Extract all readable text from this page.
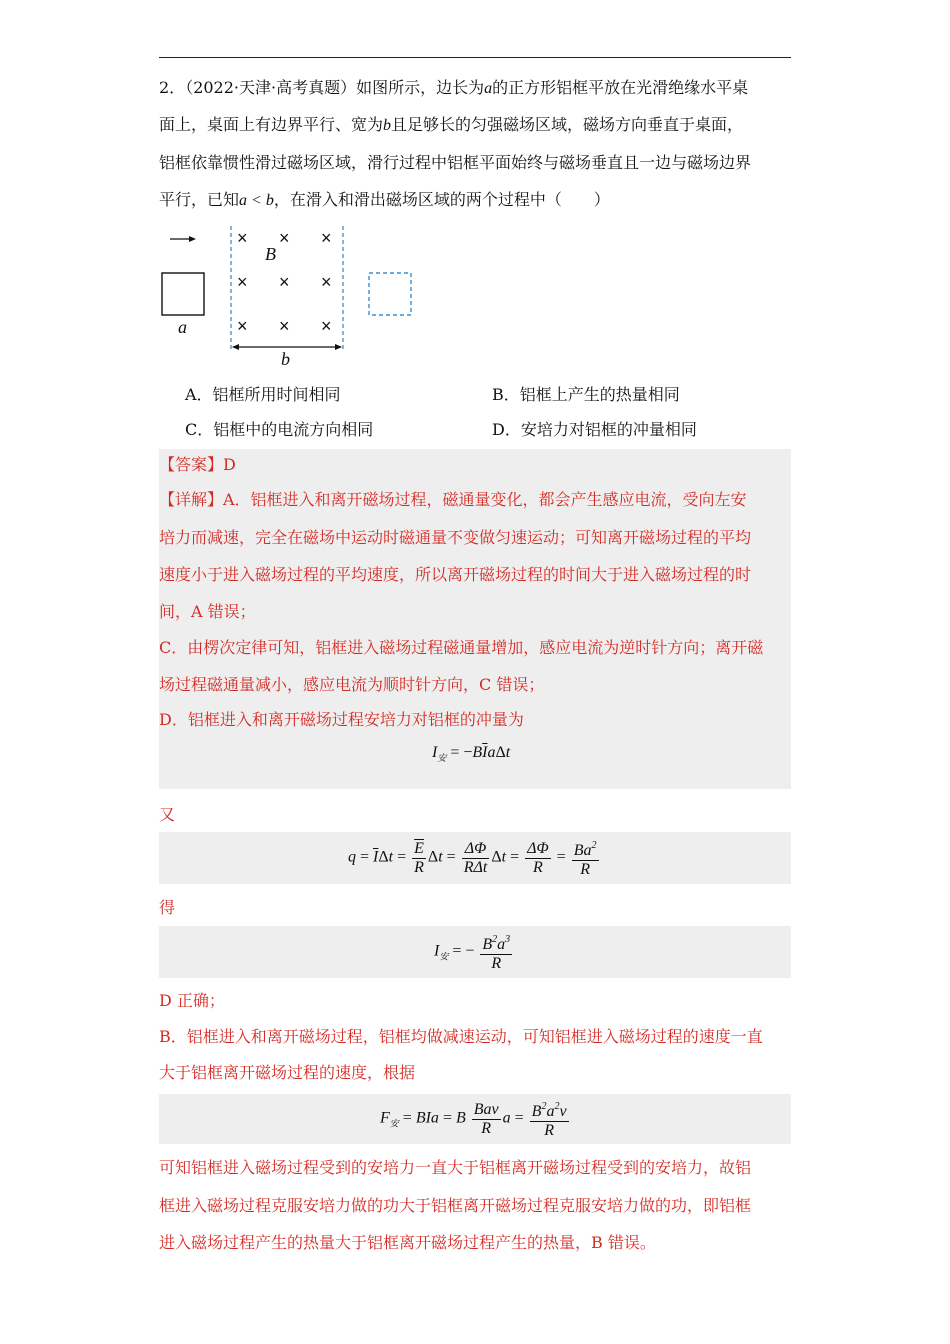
2．（2022·天津·高考真题）如图所示，边长为a的正方形铝框平放在光滑绝缘水平桌
面上，桌面上有边界平行、宽为b且足够长的匀强磁场区域，磁场方向垂直于桌面，
铝框依靠惯性滑过磁场区域，滑行过程中铝框平面始终与磁场垂直且一边与磁场边界
平行，已知a < b，在滑入和滑出磁场区域的两个过程中（　　）
× × ×
× × ×
× × ×
B
a
b
A．铝框所用时间相同	B．铝框上产生的热量相同
C．铝框中的电流方向相同	D．安培力对铝框的冲量相同
【答案】D
【详解】A．铝框进入和离开磁场过程，磁通量变化，都会产生感应电流，受向左安
培力而减速，完全在磁场中运动时磁通量不变做匀速运动；可知离开磁场过程的平均
速度小于进入磁场过程的平均速度，所以离开磁场过程的时间大于进入磁场过程的时
间，A 错误；
C．由楞次定律可知，铝框进入磁场过程磁通量增加，感应电流为逆时针方向；离开磁
场过程磁通量减小，感应电流为顺时针方向，C 错误；
D．铝框进入和离开磁场过程安培力对铝框的冲量为
$I_安 = -B\overline{I}a\Delta t$
又
$q = \overline{I}\Delta t = \frac{\overline{E}}{R}$ $\Delta t = \frac{\Delta\Phi}{\text{RΔt}}$ $\Delta t = \frac{\Delta\Phi}{R} = \frac{Ba^2}{R}$
得
$I_安$ = − $\frac{B^2a^3}{R}$
D 正确；
B．铝框进入和离开磁场过程，铝框均做减速运动，可知铝框进入磁场过程的速度一直
大于铝框离开磁场过程的速度，根据
$F_安$ = BIa = B $\frac{\text{Bav}}{R}$ $a = \frac{B^2a^2v}{R}$
可知铝框进入磁场过程受到的安培力一直大于铝框离开磁场过程受到的安培力，故铝
框进入磁场过程克服安培力做的功大于铝框离开磁场过程克服安培力做的功，即铝框
进入磁场过程产生的热量大于铝框离开磁场过程产生的热量，B 错误。
